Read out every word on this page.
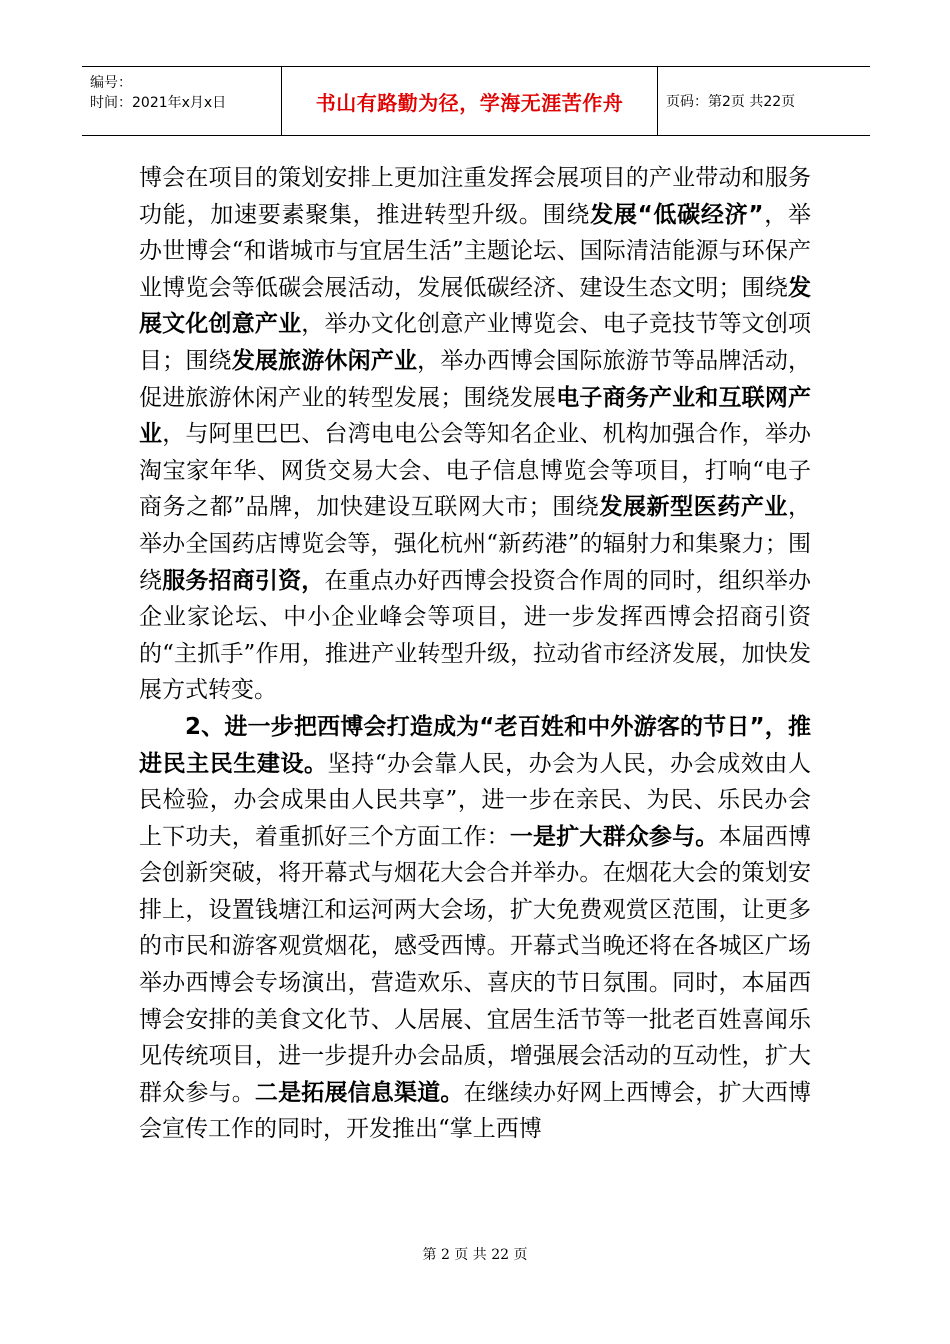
编号：
时间：2021年x月x日	书山有路勤为径，学海无涯苦作舟	页码：第2页 共22页

博会在项目的策划安排上更加注重发挥会展项目的产业带动和服务功能，加速要素聚集，推进转型升级。围绕发展“低碳经济”，举办世博会“和谐城市与宜居生活”主题论坛、国际清洁能源与环保产业博览会等低碳会展活动，发展低碳经济、建设生态文明；围绕发展文化创意产业，举办文化创意产业博览会、电子竞技节等文创项目；围绕发展旅游休闲产业，举办西博会国际旅游节等品牌活动，促进旅游休闲产业的转型发展；围绕发展电子商务产业和互联网产业，与阿里巴巴、台湾电电公会等知名企业、机构加强合作，举办淘宝家年华、网货交易大会、电子信息博览会等项目，打响“电子商务之都”品牌，加快建设互联网大市；围绕发展新型医药产业，举办全国药店博览会等，强化杭州“新药港”的辐射力和集聚力；围绕服务招商引资，在重点办好西博会投资合作周的同时，组织举办企业家论坛、中小企业峰会等项目，进一步发挥西博会招商引资的“主抓手”作用，推进产业转型升级，拉动省市经济发展，加快发展方式转变。

2、进一步把西博会打造成为“老百姓和中外游客的节日”，推进民主民生建设。坚持“办会靠人民，办会为人民，办会成效由人民检验，办会成果由人民共享”，进一步在亲民、为民、乐民办会上下功夫，着重抓好三个方面工作：一是扩大群众参与。本届西博会创新突破，将开幕式与烟花大会合并举办。在烟花大会的策划安排上，设置钱塘江和运河两大会场，扩大免费观赏区范围，让更多的市民和游客观赏烟花，感受西博。开幕式当晚还将在各城区广场举办西博会专场演出，营造欢乐、喜庆的节日氛围。同时，本届西博会安排的美食文化节、人居展、宜居生活节等一批老百姓喜闻乐见传统项目，进一步提升办会品质，增强展会活动的互动性，扩大群众参与。二是拓展信息渠道。在继续办好网上西博会，扩大西博会宣传工作的同时，开发推出“掌上西博

第 2 页 共 22 页
